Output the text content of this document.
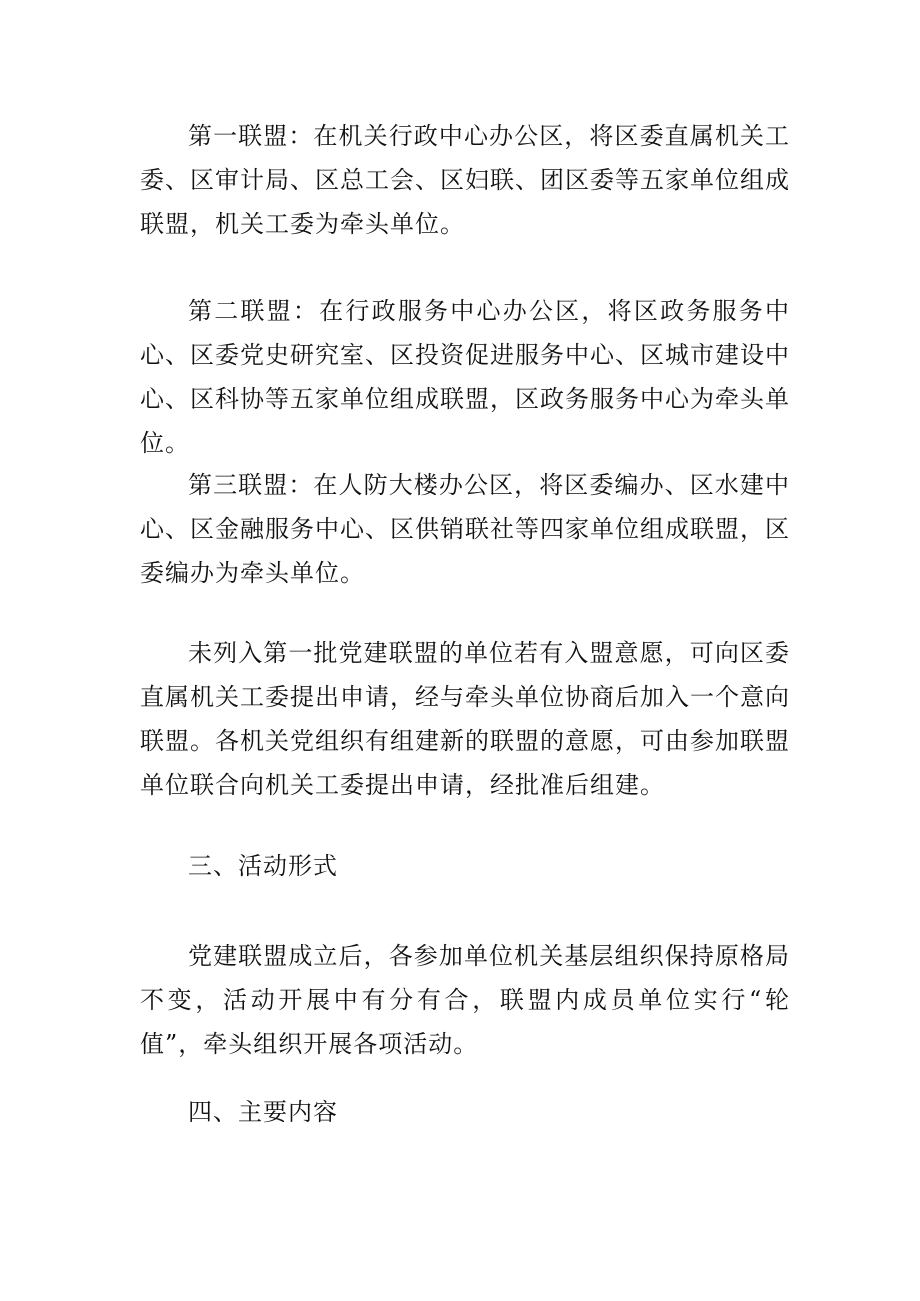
第一联盟：在机关行政中心办公区，将区委直属机关工委、区审计局、区总工会、区妇联、团区委等五家单位组成联盟，机关工委为牵头单位。

第二联盟：在行政服务中心办公区，将区政务服务中心、区委党史研究室、区投资促进服务中心、区城市建设中心、区科协等五家单位组成联盟，区政务服务中心为牵头单位。

第三联盟：在人防大楼办公区，将区委编办、区水建中心、区金融服务中心、区供销联社等四家单位组成联盟，区委编办为牵头单位。

未列入第一批党建联盟的单位若有入盟意愿，可向区委直属机关工委提出申请，经与牵头单位协商后加入一个意向联盟。各机关党组织有组建新的联盟的意愿，可由参加联盟单位联合向机关工委提出申请，经批准后组建。

三、活动形式

党建联盟成立后，各参加单位机关基层组织保持原格局不变，活动开展中有分有合，联盟内成员单位实行“轮值”，牵头组织开展各项活动。

四、主要内容
